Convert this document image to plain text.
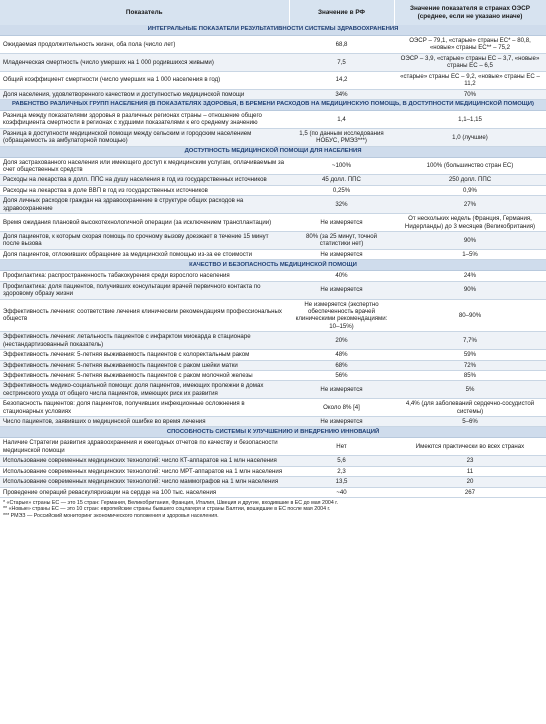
Показатель	Значение в РФ	Значение показателя в странах ОЭСР (среднее, если не указано иначе)
ИНТЕГРАЛЬНЫЕ ПОКАЗАТЕЛИ РЕЗУЛЬТАТИВНОСТИ СИСТЕМЫ ЗДРАВООХРАНЕНИЯ		
Ожидаемая продолжительность жизни, оба пола (число лет)	68,8	ОЭСР – 79,1, «старые» страны ЕС* – 80,8, «новые» страны ЕС** – 75,2
Младенческая смертность (число умерших на 1 000 родившихся живыми)	7,5	ОЭСР – 3,9, «старые» страны ЕС – 3,7, «новые» страны ЕС – 6,5
Общий коэффициент смертности (число умерших на 1 000 населения в год)	14,2	«старые» страны ЕС – 9,2, «новые» страны ЕС – 11,2
Доля населения, удовлетворенного качеством и доступностью медицинской помощи	34%	70%
РАВЕНСТВО РАЗЛИЧНЫХ ГРУПП НАСЕЛЕНИЯ (В ПОКАЗАТЕЛЯХ ЗДОРОВЬЯ, В БРЕМЕНИ РАСХОДОВ НА МЕДИЦИНСКУЮ ПОМОЩЬ, В ДОСТУПНОСТИ МЕДИЦИНСКОЙ ПОМОЩИ)		
Разница между показателями здоровья в различных регионах страны – отношение общего коэффициента смертности в регионах с худшими показателями к его среднему значению	1,4	1,1–1,15
Разница в доступности медицинской помощи между сельским и городским населением (обращаемость за амбулаторной помощью)	1,5 (по данным исследования НОБУС, РМЭЗ***)	1,0 (лучшие)
ДОСТУПНОСТЬ МЕДИЦИНСКОЙ ПОМОЩИ ДЛЯ НАСЕЛЕНИЯ		
Доля застрахованного населения или имеющего доступ к медицинским услугам, оплачиваемым за счет общественных средств	~100%	100% (большинство стран ЕС)
Расходы на лекарства в долл. ППС на душу населения в год из государственных источников	45 долл. ППС	250 долл. ППС
Расходы на лекарства в доле ВВП в год из государственных источников	0,25%	0,9%
Доля личных расходов граждан на здравоохранение в структуре общих расходов на здравоохранение	32%	27%
Время ожидания плановой высокотехнологичной операции (за исключением трансплантации)	Не измеряется	От нескольких недель (Франция, Германия, Нидерланды) до 3 месяцев (Великобритания)
Доля пациентов, к которым скорая помощь по срочному вызову доезжает в течение 15 минут после вызова	80% (за 25 минут, точной статистики нет)	90%
Доля пациентов, отложивших обращение за медицинской помощью из-за ее стоимости	Не измеряется	1–5%
КАЧЕСТВО И БЕЗОПАСНОСТЬ МЕДИЦИНСКОЙ ПОМОЩИ		
Профилактика: распространенность табакокурения среди взрослого населения	40%	24%
Профилактика: доля пациентов, получивших консультации врачей первичного контакта по здоровому образу жизни	Не измеряется	90%
Эффективность лечения: соответствие лечения клиническим рекомендациям профессиональных обществ	Не измеряется (экспертно обеспеченность врачей клиническими рекомендациями: 10–15%)	80–90%
Эффективность лечения: летальность пациентов с инфарктом миокарда в стационаре (нестандартизованный показатель)	20%	7,7%
Эффективность лечения: 5-летняя выживаемость пациентов с колоректальным раком	48%	59%
Эффективность лечения: 5-летняя выживаемость пациентов с раком шейки матки	68%	72%
Эффективность лечения: 5-летняя выживаемость пациентов с раком молочной железы	56%	85%
Эффективность медико-социальной помощи: доля пациентов, имеющих пролежни в домах сестринского ухода от общего числа пациентов, имеющих риск их развития	Не измеряется	5%
Безопасность пациентов: доля пациентов, получивших инфекционные осложнения в стационарных условиях	Около 8% [4]	4,4% (для заболеваний сердечно-сосудистой системы)
Число пациентов, заявивших о медицинской ошибке во время лечения	Не измеряется	5–6%
СПОСОБНОСТЬ СИСТЕМЫ К УЛУЧШЕНИЮ И ВНЕДРЕНИЮ ИННОВАЦИЙ		
Наличие Стратегии развития здравоохранения и ежегодных отчетов по качеству и безопасности медицинской помощи	Нет	Имеются практически во всех странах
Использование современных медицинских технологий: число КТ-аппаратов на 1 млн населения	5,6	23
Использование современных медицинских технологий: число МРТ-аппаратов на 1 млн населения	2,3	11
Использование современных медицинских технологий: число маммографов на 1 млн населения	13,5	20
Проведение операций реваскуляризации на сердце на 100 тыс. населения	~40	267
* «Старые» страны ЕС — это 15 стран: Германия, Великобритания, Франция, Италия, Швеция и другие, входившие в ЕС до мая 2004 г.
** «Новые» страны ЕС — это 10 стран: европейские страны бывшего соцлагеря и страны Балтии, вошедшие в ЕС после мая 2004 г.
*** РМЭЗ — Российский мониторинг экономического положения и здоровья населения.
